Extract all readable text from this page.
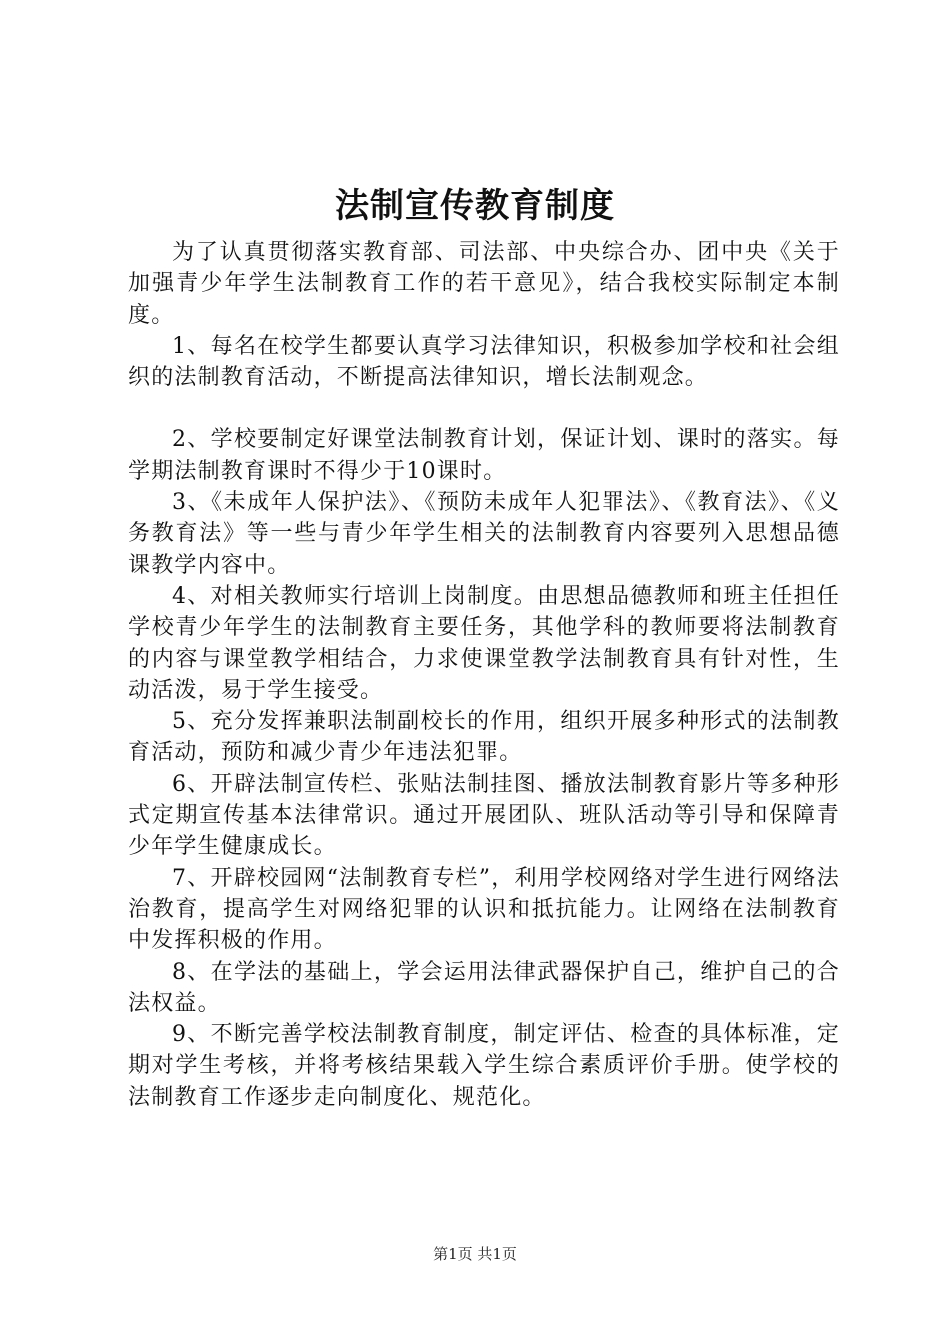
法制宣传教育制度

为了认真贯彻落实教育部、司法部、中央综合办、团中央《关于加强青少年学生法制教育工作的若干意见》，结合我校实际制定本制度。

1、每名在校学生都要认真学习法律知识，积极参加学校和社会组织的法制教育活动，不断提高法律知识，增长法制观念。

2、学校要制定好课堂法制教育计划，保证计划、课时的落实。每学期法制教育课时不得少于10课时。

3、《未成年人保护法》、《预防未成年人犯罪法》、《教育法》、《义务教育法》等一些与青少年学生相关的法制教育内容要列入思想品德课教学内容中。

4、对相关教师实行培训上岗制度。由思想品德教师和班主任担任学校青少年学生的法制教育主要任务，其他学科的教师要将法制教育的内容与课堂教学相结合，力求使课堂教学法制教育具有针对性，生动活泼，易于学生接受。

5、充分发挥兼职法制副校长的作用，组织开展多种形式的法制教育活动，预防和减少青少年违法犯罪。

6、开辟法制宣传栏、张贴法制挂图、播放法制教育影片等多种形式定期宣传基本法律常识。通过开展团队、班队活动等引导和保障青少年学生健康成长。

7、开辟校园网“法制教育专栏”，利用学校网络对学生进行网络法治教育，提高学生对网络犯罪的认识和抵抗能力。让网络在法制教育中发挥积极的作用。

8、在学法的基础上，学会运用法律武器保护自己，维护自己的合法权益。

9、不断完善学校法制教育制度，制定评估、检查的具体标准，定期对学生考核，并将考核结果载入学生综合素质评价手册。使学校的法制教育工作逐步走向制度化、规范化。

第1页 共1页
